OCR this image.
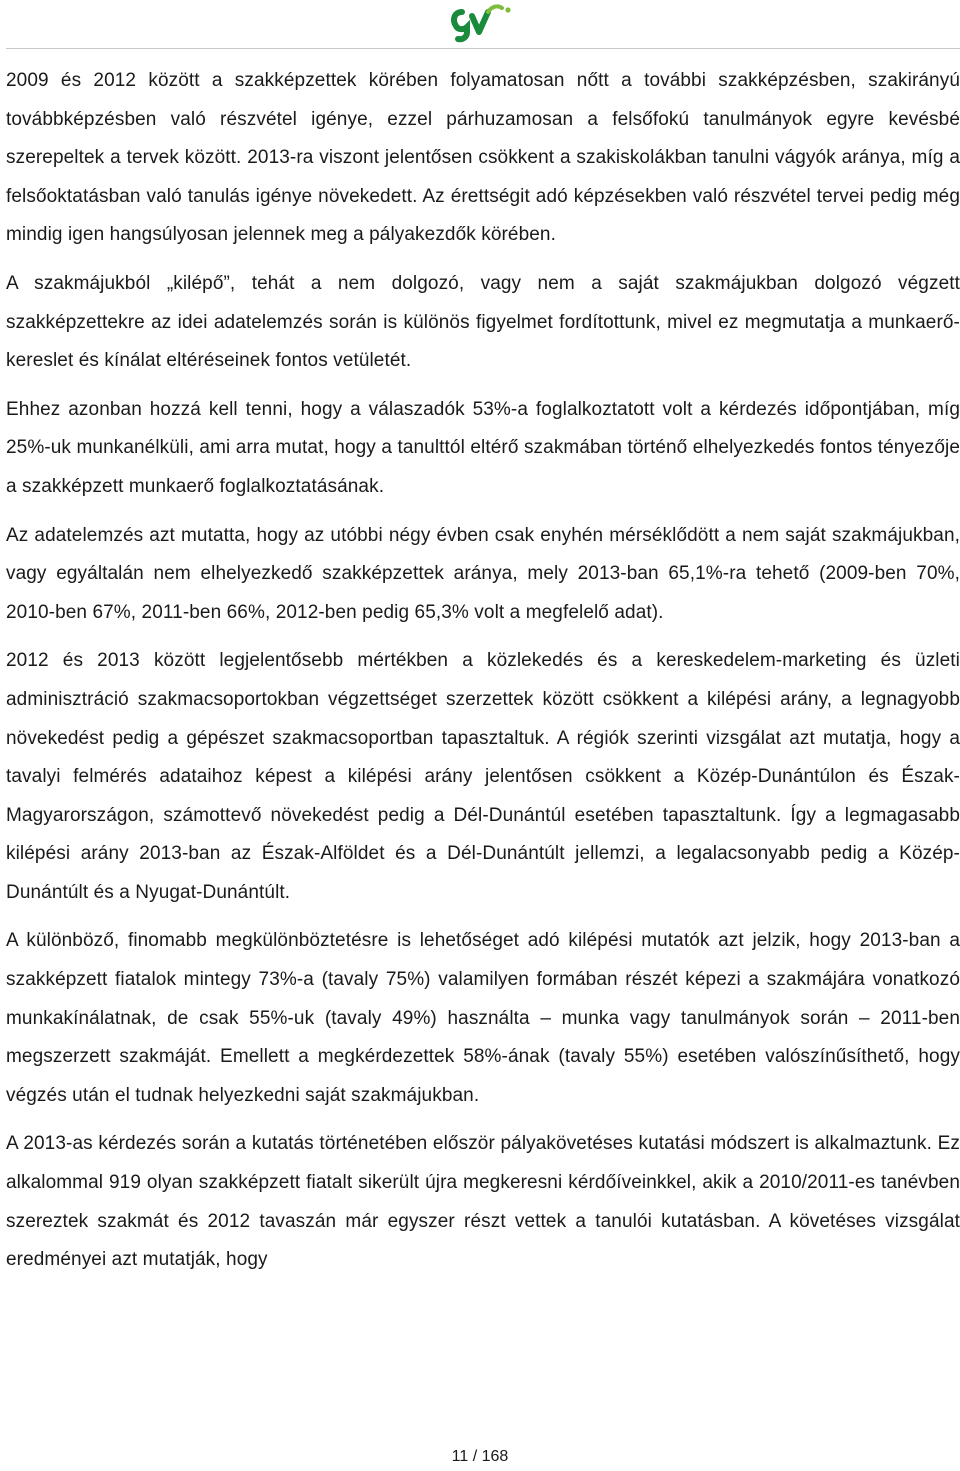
2009 és 2012 között a szakképzettek körében folyamatosan nőtt a további szakképzésben, szakirányú továbbképzésben való részvétel igénye, ezzel párhuzamosan a felsőfokú tanulmányok egyre kevésbé szerepeltek a tervek között. 2013-ra viszont jelentősen csökkent a szakiskolákban tanulni vágyók aránya, míg a felsőoktatásban való tanulás igénye növekedett. Az érettségit adó képzésekben való részvétel tervei pedig még mindig igen hangsúlyosan jelennek meg a pályakezdők körében.

A szakmájukból „kilépő”, tehát a nem dolgozó, vagy nem a saját szakmájukban dolgozó végzett szakképzettekre az idei adatelemzés során is különös figyelmet fordítottunk, mivel ez megmutatja a munkaerő-kereslet és kínálat eltéréseinek fontos vetületét.

Ehhez azonban hozzá kell tenni, hogy a válaszadók 53%-a foglalkoztatott volt a kérdezés időpontjában, míg 25%-uk munkanélküli, ami arra mutat, hogy a tanulttól eltérő szakmában történő elhelyezkedés fontos tényezője a szakképzett munkaerő foglalkoztatásának.

Az adatelemzés azt mutatta, hogy az utóbbi négy évben csak enyhén mérséklődött a nem saját szakmájukban, vagy egyáltalán nem elhelyezkedő szakképzettek aránya, mely 2013-ban 65,1%-ra tehető (2009-ben 70%, 2010-ben 67%, 2011-ben 66%, 2012-ben pedig 65,3% volt a megfelelő adat).

2012 és 2013 között legjelentősebb mértékben a közlekedés és a kereskedelem-marketing és üzleti adminisztráció szakmacsoportokban végzettséget szerzettek között csökkent a kilépési arány, a legnagyobb növekedést pedig a gépészet szakmacsoportban tapasztaltuk. A régiók szerinti vizsgálat azt mutatja, hogy a tavalyi felmérés adataihoz képest a kilépési arány jelentősen csökkent a Közép-Dunántúlon és Észak-Magyarországon, számottevő növekedést pedig a Dél-Dunántúl esetében tapasztaltunk. Így a legmagasabb kilépési arány 2013-ban az Észak-Alföldet és a Dél-Dunántúlt jellemzi, a legalacsonyabb pedig a Közép-Dunántúlt és a Nyugat-Dunántúlt.

A különböző, finomabb megkülönböztetésre is lehetőséget adó kilépési mutatók azt jelzik, hogy 2013-ban a szakképzett fiatalok mintegy 73%-a (tavaly 75%) valamilyen formában részét képezi a szakmájára vonatkozó munkakínálatnak, de csak 55%-uk (tavaly 49%) használta – munka vagy tanulmányok során – 2011-ben megszerzett szakmáját. Emellett a megkérdezettek 58%-ának (tavaly 55%) esetében valószínűsíthető, hogy végzés után el tudnak helyezkedni saját szakmájukban.

A 2013-as kérdezés során a kutatás történetében először pályakövetéses kutatási módszert is alkalmaztunk. Ez alkalommal 919 olyan szakképzett fiatalt sikerült újra megkeresni kérdőíveinkkel, akik a 2010/2011-es tanévben szereztek szakmát és 2012 tavaszán már egyszer részt vettek a tanulói kutatásban. A követéses vizsgálat eredményei azt mutatják, hogy

11 / 168
